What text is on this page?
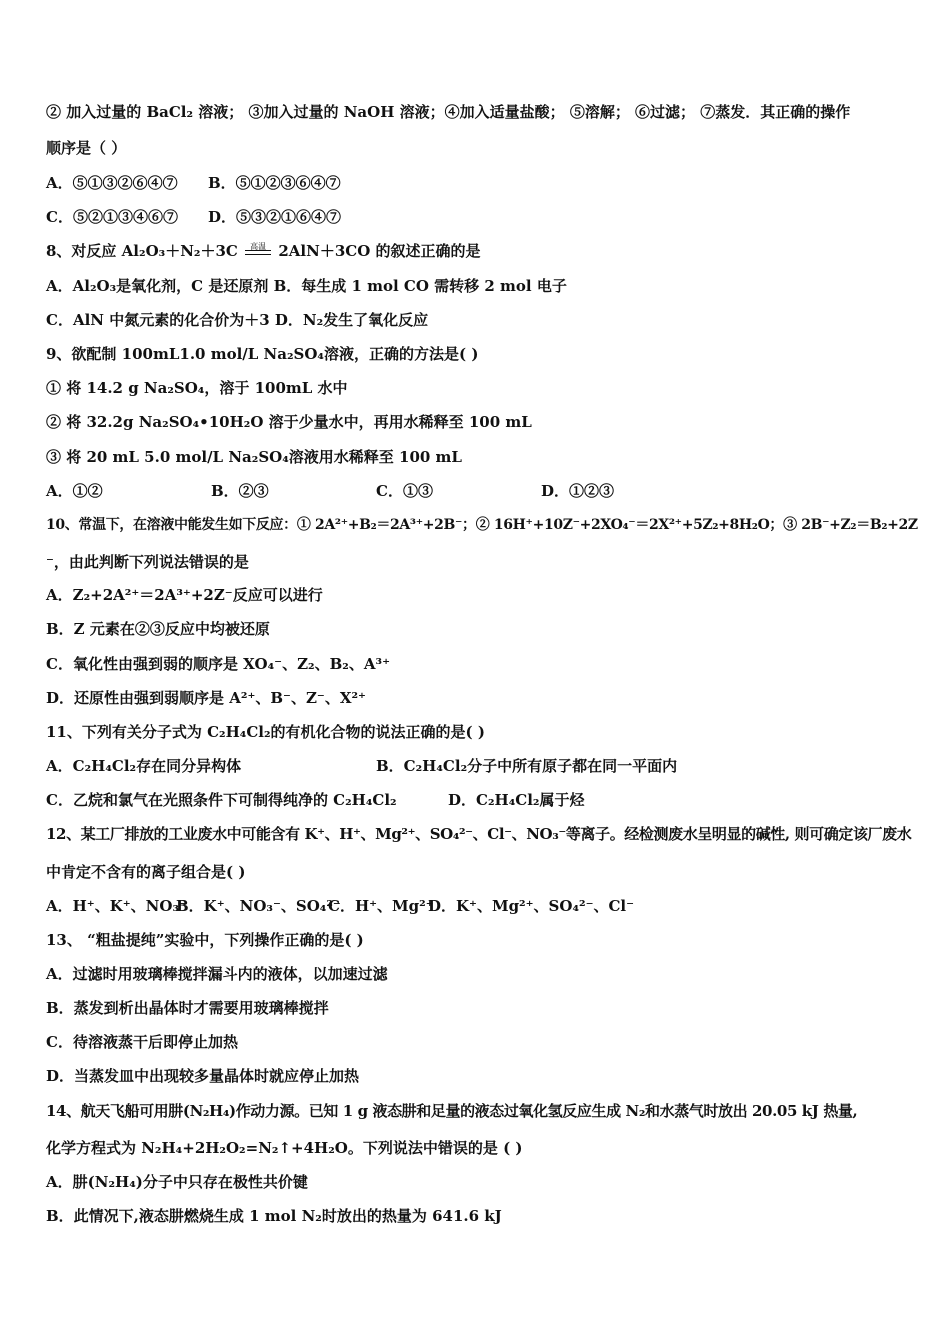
② 加入过量的 BaCl₂ 溶液； ③加入过量的 NaOH 溶液；④加入适量盐酸； ⑤溶解； ⑥过滤； ⑦蒸发．其正确的操作
顺序是（ ）
A．⑤①③②⑥④⑦	B．⑤①②③⑥④⑦
C．⑤②①③④⑥⑦	D．⑤③②①⑥④⑦
8、对反应 Al₂O₃＋N₂＋3C	高温 2AlN＋3CO 的叙述正确的是
A．Al₂O₃是氧化剂，C 是还原剂 B．每生成 1 mol CO 需转移 2 mol 电子
C．AlN 中氮元素的化合价为＋3 D．N₂发生了氧化反应
9、欲配制 100mL1.0 mol/L Na₂SO₄溶液，正确的方法是( )
① 将 14.2 g Na₂SO₄，溶于 100mL 水中
② 将 32.2g Na₂SO₄•10H₂O 溶于少量水中，再用水稀释至 100 mL
③ 将 20 mL 5.0 mol/L Na₂SO₄溶液用水稀释至 100 mL
A．①②	B．②③	C．①③	D．①②③
10、常温下，在溶液中能发生如下反应：① 2A²⁺+B₂＝2A³⁺+2B⁻；② 16H⁺+10Z⁻+2XO₄⁻＝2X²⁺+5Z₂+8H₂O；③ 2B⁻+Z₂＝B₂+2Z
⁻，由此判断下列说法错误的是
A．Z₂+2A²⁺＝2A³⁺+2Z⁻反应可以进行
B．Z 元素在②③反应中均被还原
C．氧化性由强到弱的顺序是 XO₄⁻、Z₂、B₂、A³⁺
D．还原性由强到弱顺序是 A²⁺、B⁻、Z⁻、X²⁺
11、下列有关分子式为 C₂H₄Cl₂的有机化合物的说法正确的是( )
A．C₂H₄Cl₂存在同分异构体	B．C₂H₄Cl₂分子中所有原子都在同一平面内
C．乙烷和氯气在光照条件下可制得纯净的 C₂H₄Cl₂	D．C₂H₄Cl₂属于烃
12、某工厂排放的工业废水中可能含有 K⁺、H⁺、Mg²⁺、SO₄²⁻、Cl⁻、NO₃⁻等离子。经检测废水呈明显的碱性, 则可确定该厂废水
中肯定不含有的离子组合是( )
A．H⁺、K⁺、NO₃⁻
B．K⁺、NO₃⁻、SO₄²⁻
C．H⁺、Mg²⁺
D．K⁺、Mg²⁺、SO₄²⁻、Cl⁻
13、 “粗盐提纯”实验中，下列操作正确的是( )
A．过滤时用玻璃棒搅拌漏斗内的液体，以加速过滤
B．蒸发到析出晶体时才需要用玻璃棒搅拌
C．待溶液蒸干后即停止加热
D．当蒸发皿中出现较多量晶体时就应停止加热
14、航天飞船可用肼(N₂H₄)作动力源。已知 1 g 液态肼和足量的液态过氧化氢反应生成 N₂和水蒸气时放出 20.05 kJ 热量,
化学方程式为 N₂H₄+2H₂O₂=N₂↑+4H₂O。下列说法中错误的是 ( )
A．肼(N₂H₄)分子中只存在极性共价键
B．此情况下,液态肼燃烧生成 1 mol N₂时放出的热量为 641.6 kJ
